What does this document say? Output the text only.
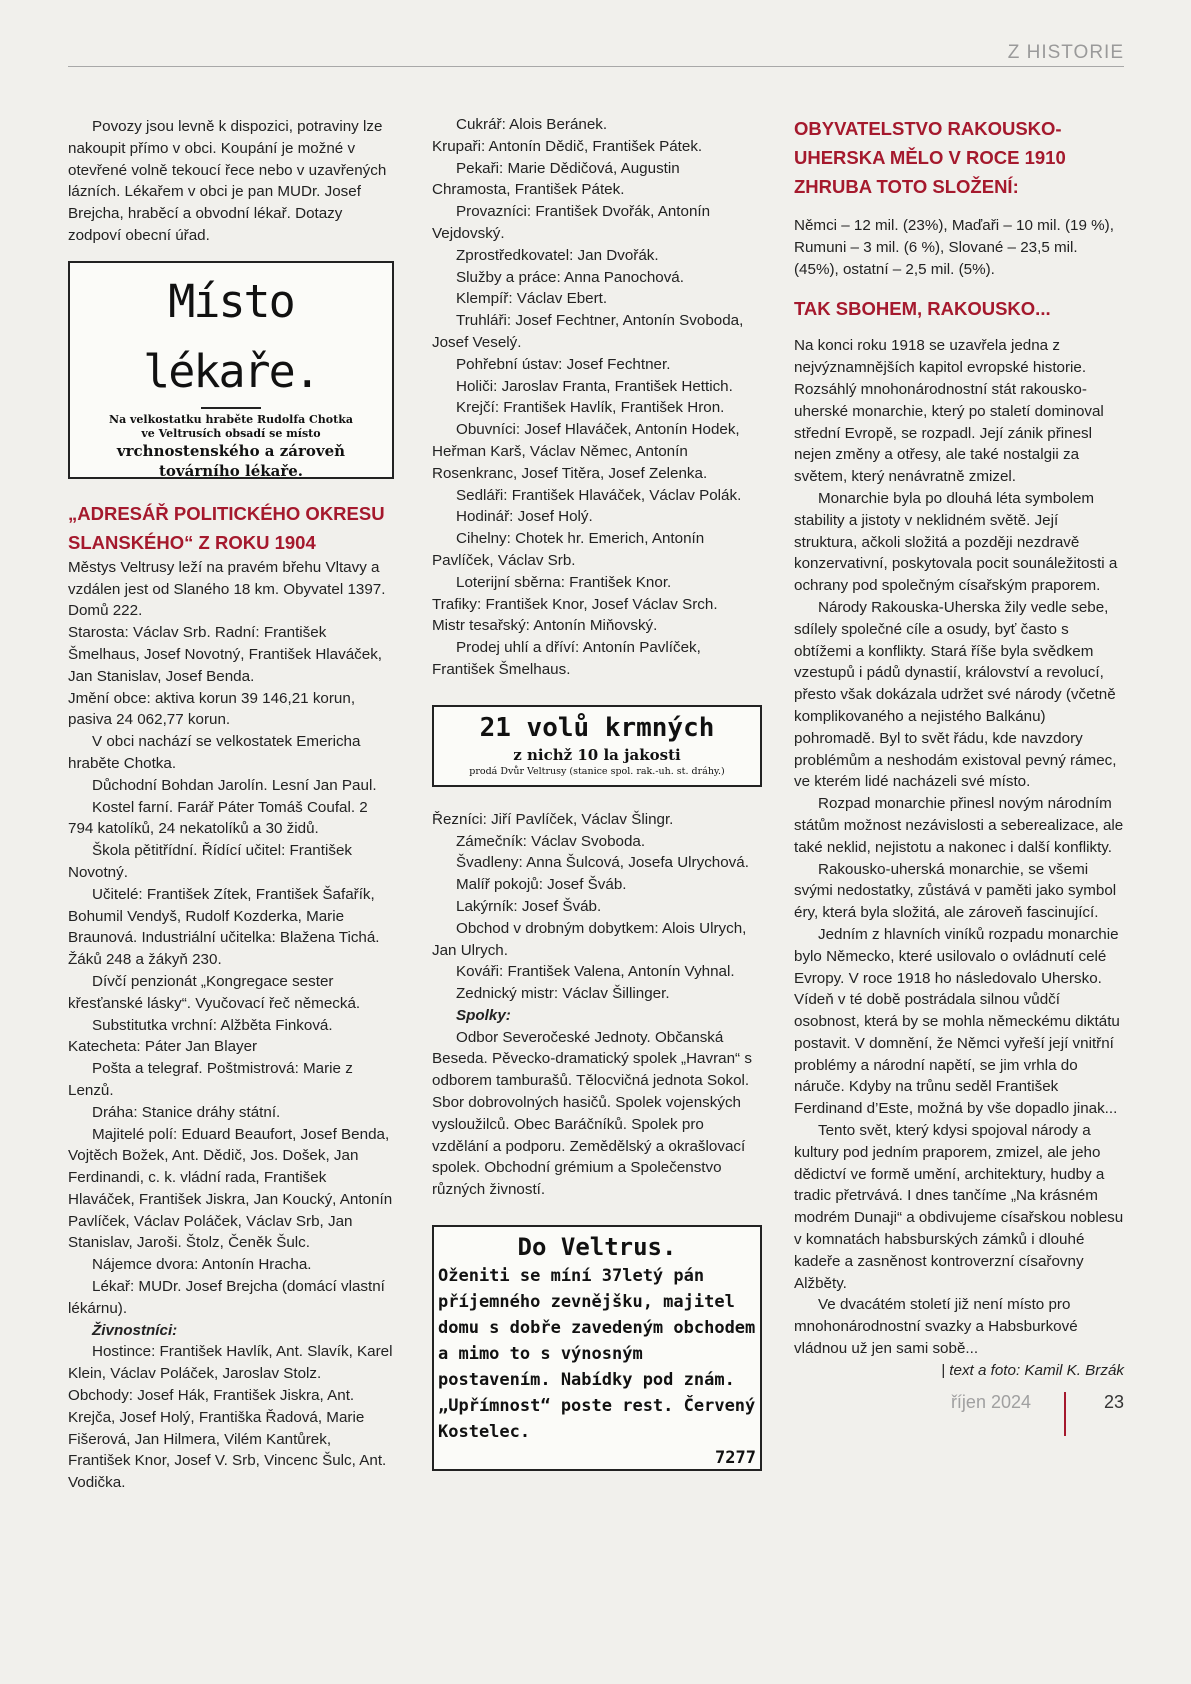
Z HISTORIE

Povozy jsou levně k dispozici, potraviny lze nakoupit přímo v obci. Koupání je možné v otevřené volně tekoucí řece nebo v uzavřených lázních. Lékařem v obci je pan MUDr. Josef Brejcha, hraběcí a obvodní lékař. Dotazy zodpoví obecní úřad.

Místo lékaře.
Na velkostatku hraběte Rudolfa Chotka
ve Veltrusích obsadí se místo
vrchnostenského a zároveň továrního lékaře.
„ADRESÁŘ POLITICKÉHO OKRESU SLANSKÉHO“ Z ROKU 1904

Městys Veltrusy leží na pravém břehu Vltavy a vzdálen jest od Slaného 18 km. Obyvatel 1397. Domů 222.

Starosta: Václav Srb. Radní: František Šmelhaus, Josef Novotný, František Hlaváček, Jan Stanislav, Josef Benda.

Jmění obce: aktiva korun 39 146,21 korun, pasiva 24 062,77 korun.

V obci nachází se velkostatek Emericha hraběte Chotka.

Důchodní Bohdan Jarolín. Lesní Jan Paul.

Kostel farní. Farář Páter Tomáš Coufal. 2 794 katolíků, 24 nekatolíků a 30 židů.

Škola pětitřídní. Řídící učitel: František Novotný.

Učitelé: František Zítek, František Šafařík, Bohumil Vendyš, Rudolf Kozderka, Marie Braunová. Industriální učitelka: Blažena Tichá. Žáků 248 a žákyň 230.

Dívčí penzionát „Kongregace sester křesťanské lásky“. Vyučovací řeč německá.

Substitutka vrchní: Alžběta Finková.

Katecheta: Páter Jan Blayer

Pošta a telegraf. Poštmistrová: Marie z Lenzů.

Dráha: Stanice dráhy státní.

Majitelé polí: Eduard Beaufort, Josef Benda, Vojtěch Božek, Ant. Dědič, Jos. Došek, Jan Ferdinandi, c. k. vládní rada, František Hlaváček, František Jiskra, Jan Koucký, Antonín Pavlíček, Václav Poláček, Václav Srb, Jan Stanislav, Jaroši. Štolz, Čeněk Šulc.

Nájemce dvora: Antonín Hracha.

Lékař: MUDr. Josef Brejcha (domácí vlastní lékárnu).

Živnostníci:

Hostince: František Havlík, Ant. Slavík, Karel Klein, Václav Poláček, Jaroslav Stolz.

Obchody: Josef Hák, František Jiskra, Ant. Krejča, Josef Holý, Františka Řadová, Marie Fišerová, Jan Hilmera, Vilém Kantůrek, František Knor, Josef V. Srb, Vincenc Šulc, Ant. Vodička.

Cukrář: Alois Beránek.

Krupaři: Antonín Dědič, František Pátek.

Pekaři: Marie Dědičová, Augustin Chramosta, František Pátek.

Provazníci: František Dvořák, Antonín Vejdovský.

Zprostředkovatel: Jan Dvořák.

Služby a práce: Anna Panochová.

Klempíř: Václav Ebert.

Truhláři: Josef Fechtner, Antonín Svoboda, Josef Veselý.

Pohřební ústav: Josef Fechtner.

Holiči: Jaroslav Franta, František Hettich.

Krejčí: František Havlík, František Hron.

Obuvníci: Josef Hlaváček, Antonín Hodek, Heřman Karš, Václav Němec, Antonín Rosenkranc, Josef Titěra, Josef Zelenka.

Sedláři: František Hlaváček, Václav Polák.

Hodinář: Josef Holý.

Cihelny: Chotek hr. Emerich, Antonín Pavlíček, Václav Srb.

Loterijní sběrna: František Knor.

Trafiky: František Knor, Josef Václav Srch.

Mistr tesařský: Antonín Miňovský.

Prodej uhlí a dříví: Antonín Pavlíček, František Šmelhaus.

21 volů krmných
z nichž 10 la jakosti
prodá Dvůr Veltrusy (stanice spol. rak.-uh. st. dráhy.)

Řezníci: Jiří Pavlíček, Václav Šlingr.

Zámečník: Václav Svoboda.

Švadleny: Anna Šulcová, Josefa Ulrychová.

Malíř pokojů: Josef Šváb.

Lakýrník: Josef Šváb.

Obchod v drobným dobytkem: Alois Ulrych, Jan Ulrych.

Kováři: František Valena, Antonín Vyhnal.

Zednický mistr: Václav Šillinger.

Spolky:

Odbor Severočeské Jednoty. Občanská Beseda. Pěvecko-dramatický spolek „Havran“ s odborem tamburašů. Tělocvičná jednota Sokol. Sbor dobrovolných hasičů. Spolek vojenských vysloužilců. Obec Baráčníků. Spolek pro vzdělání a podporu. Zemědělský a okrašlovací spolek. Obchodní grémium a Společenstvo různých živností.

Do Veltrus.
Oženiti se míní 37letý pán příjemného zevnějšku, majitel domu s dobře zavedeným obchodem a mimo to s výnosným postavením. Nabídky pod znám. „Upřímnost“ poste rest. Červený Kostelec.
7277
OBYVATELSTVO RAKOUSKO-UHERSKA MĚLO V ROCE 1910 ZHRUBA TOTO SLOŽENÍ:

Němci – 12 mil. (23%), Maďaři – 10 mil. (19 %), Rumuni – 3 mil. (6 %), Slované – 23,5 mil. (45%), ostatní – 2,5 mil. (5%).

TAK SBOHEM, RAKOUSKO...

Na konci roku 1918 se uzavřela jedna z nejvýznamnějších kapitol evropské historie. Rozsáhlý mnohonárodnostní stát rakousko-uherské monarchie, který po staletí dominoval střední Evropě, se rozpadl. Její zánik přinesl nejen změny a otřesy, ale také nostalgii za světem, který nenávratně zmizel.

Monarchie byla po dlouhá léta symbolem stability a jistoty v neklidném světě. Její struktura, ačkoli složitá a později nezdravě konzervativní, poskytovala pocit sounáležitosti a ochrany pod společným císařským praporem.

Národy Rakouska-Uherska žily vedle sebe, sdílely společné cíle a osudy, byť často s obtížemi a konflikty. Stará říše byla svědkem vzestupů i pádů dynastií, království a revolucí, přesto však dokázala udržet své národy (včetně komplikovaného a nejistého Balkánu) pohromadě. Byl to svět řádu, kde navzdory problémům a neshodám existoval pevný rámec, ve kterém lidé nacházeli své místo.

Rozpad monarchie přinesl novým národním státům možnost nezávislosti a seberealizace, ale také neklid, nejistotu a nakonec i další konflikty.

Rakousko-uherská monarchie, se všemi svými nedostatky, zůstává v paměti jako symbol éry, která byla složitá, ale zároveň fascinující.

Jedním z hlavních viníků rozpadu monarchie bylo Německo, které usilovalo o ovládnutí celé Evropy. V roce 1918 ho následovalo Uhersko. Vídeň v té době postrádala silnou vůdčí osobnost, která by se mohla německému diktátu postavit. V domnění, že Němci vyřeší její vnitřní problémy a národní napětí, se jim vrhla do náruče. Kdyby na trůnu seděl František Ferdinand d’Este, možná by vše dopadlo jinak...

Tento svět, který kdysi spojoval národy a kultury pod jedním praporem, zmizel, ale jeho dědictví ve formě umění, architektury, hudby a tradic přetrvává. I dnes tančíme „Na krásném modrém Dunaji“ a obdivujeme císařskou noblesu v komnatách habsburských zámků i dlouhé kadeře a zasněnost kontroverzní císařovny Alžběty.

Ve dvacátém století již není místo pro mnohonárodnostní svazky a Habsburkové vládnou už jen sami sobě...

| text a foto: Kamil K. Brzák

říjen 2024	23
